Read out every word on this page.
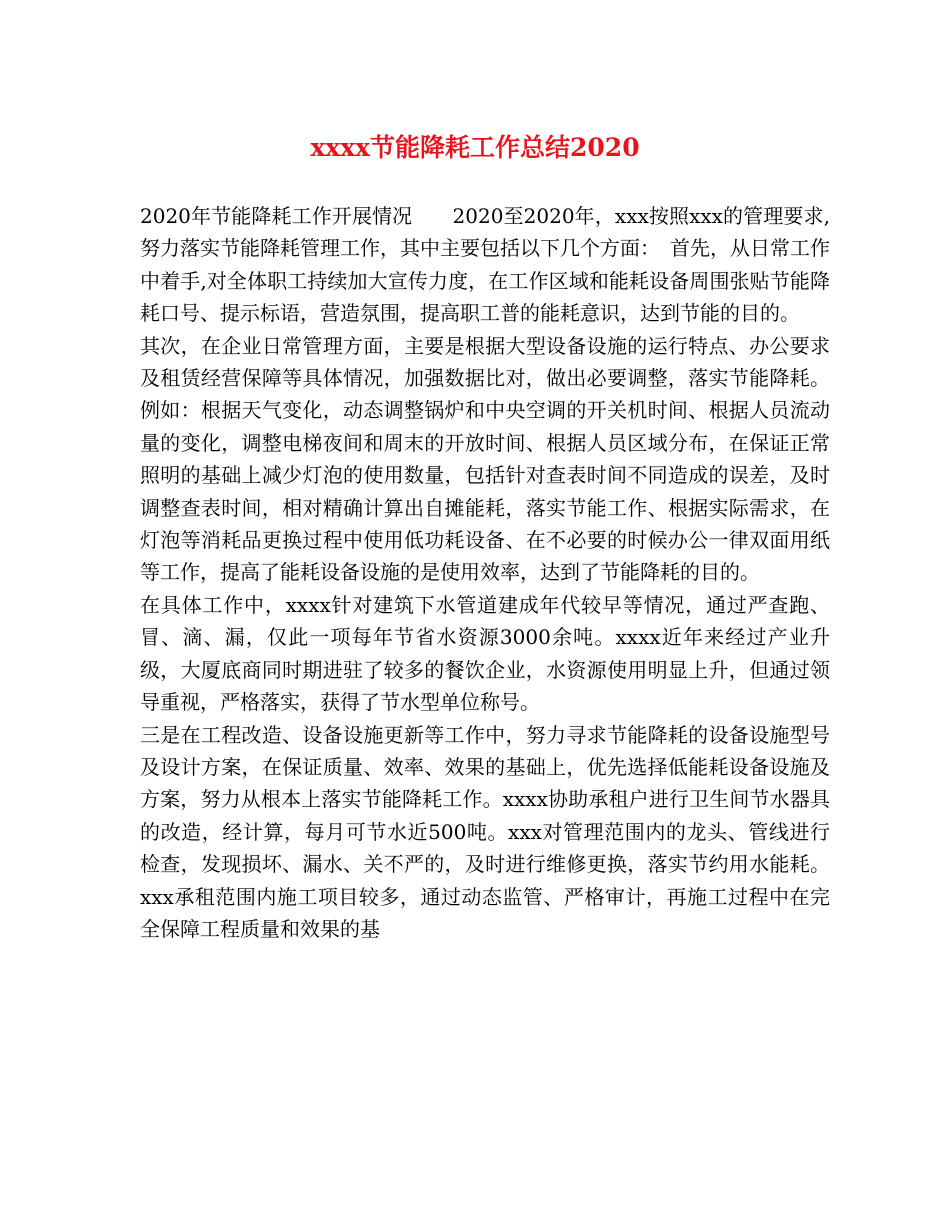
xxxx节能降耗工作总结2020

2020年节能降耗工作开展情况　　2020至2020年，xxx按照xxx的管理要求,努力落实节能降耗管理工作，其中主要包括以下几个方面：　首先，从日常工作中着手,对全体职工持续加大宣传力度，在工作区域和能耗设备周围张贴节能降耗口号、提示标语，营造氛围，提高职工普的能耗意识，达到节能的目的。

其次，在企业日常管理方面，主要是根据大型设备设施的运行特点、办公要求及租赁经营保障等具体情况，加强数据比对，做出必要调整，落实节能降耗。例如：根据天气变化，动态调整锅炉和中央空调的开关机时间、根据人员流动量的变化，调整电梯夜间和周末的开放时间、根据人员区域分布，在保证正常照明的基础上减少灯泡的使用数量，包括针对查表时间不同造成的误差，及时调整查表时间，相对精确计算出自摊能耗，落实节能工作、根据实际需求，在灯泡等消耗品更换过程中使用低功耗设备、在不必要的时候办公一律双面用纸等工作，提高了能耗设备设施的是使用效率，达到了节能降耗的目的。

在具体工作中，xxxx针对建筑下水管道建成年代较早等情况，通过严查跑、冒、滴、漏，仅此一项每年节省水资源3000余吨。xxxx近年来经过产业升级，大厦底商同时期进驻了较多的餐饮企业，水资源使用明显上升，但通过领导重视，严格落实，获得了节水型单位称号。

三是在工程改造、设备设施更新等工作中，努力寻求节能降耗的设备设施型号及设计方案，在保证质量、效率、效果的基础上，优先选择低能耗设备设施及方案，努力从根本上落实节能降耗工作。xxxx协助承租户进行卫生间节水器具的改造，经计算，每月可节水近500吨。xxx对管理范围内的龙头、管线进行检查，发现损坏、漏水、关不严的，及时进行维修更换，落实节约用水能耗。xxx承租范围内施工项目较多，通过动态监管、严格审计，再施工过程中在完全保障工程质量和效果的基
